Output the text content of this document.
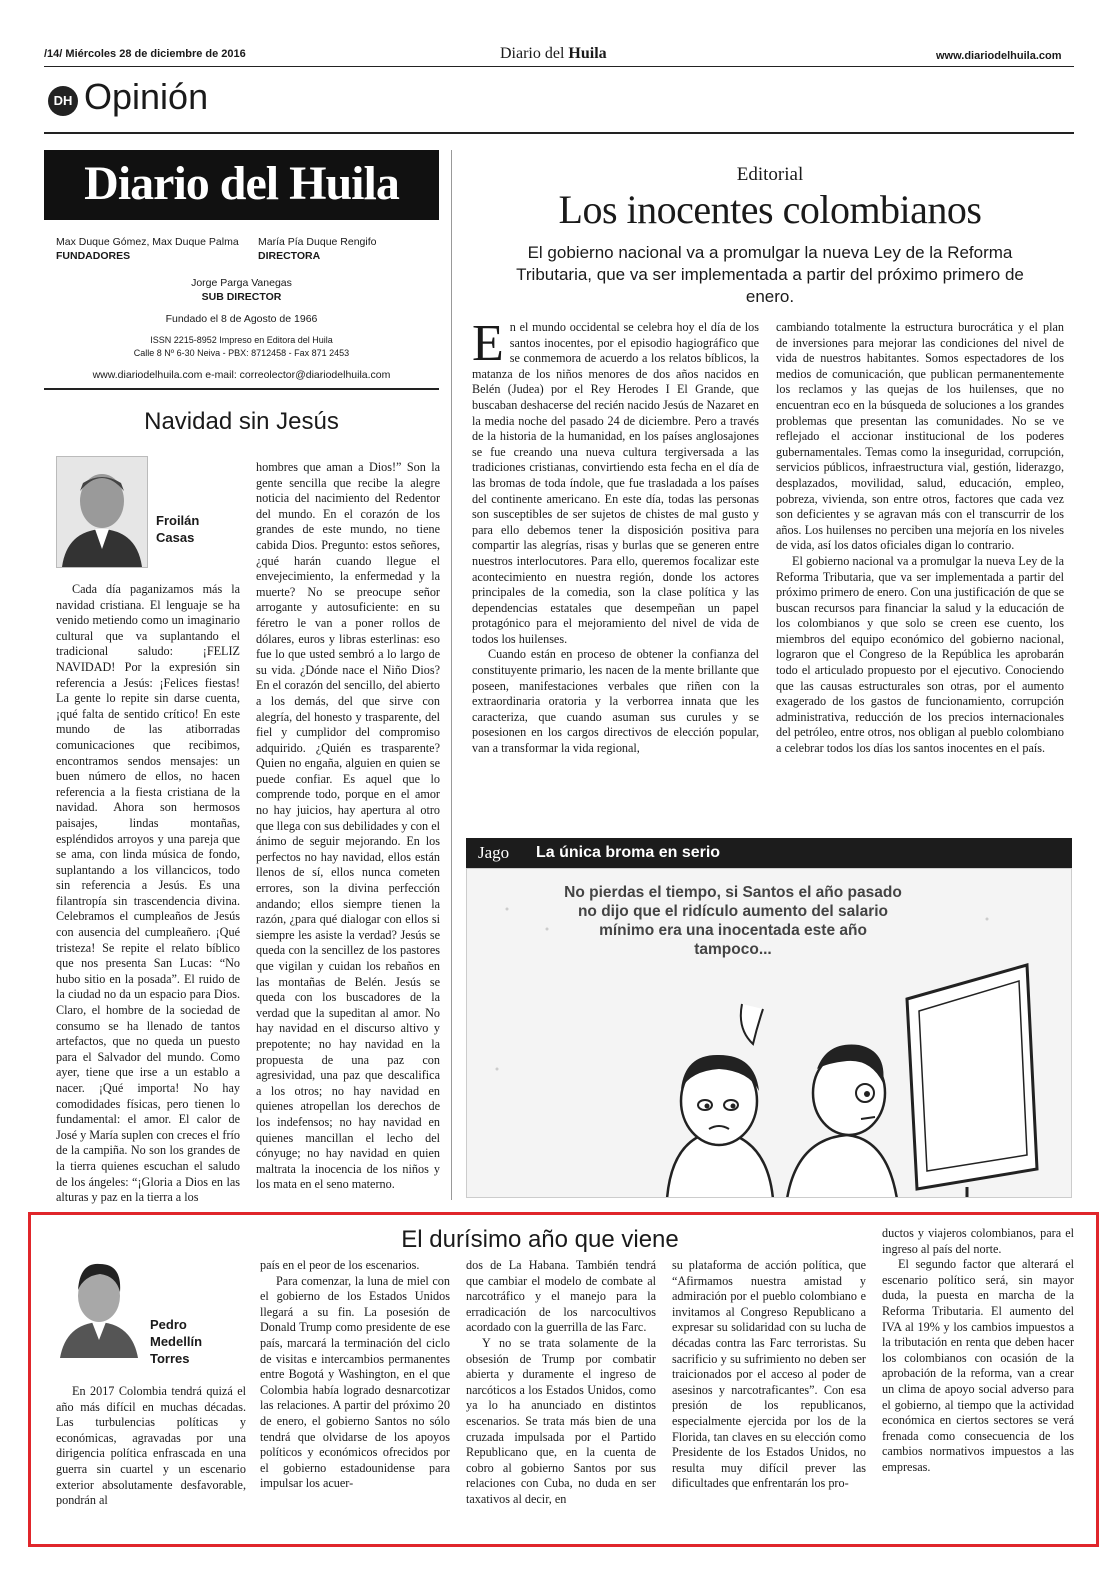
/14/ Miércoles 28 de diciembre de 2016	Diario del Huila	www.diariodelhuila.com
DH Opinión
Diario del Huila
Max Duque Gómez, Max Duque Palma
FUNDADORES
María Pía Duque Rengifo
DIRECTORA
Jorge Parga Vanegas
SUB DIRECTOR
Fundado el 8 de Agosto de 1966
ISSN 2215-8952 Impreso en Editora del Huila
Calle 8 Nº 6-30 Neiva - PBX: 8712458 - Fax 871 2453
www.diariodelhuila.com e-mail: correolector@diariodelhuila.com
Navidad sin Jesús
Froilán
Casas

Cada día paganizamos más la navidad cristiana. El lenguaje se ha venido metiendo como un imaginario cultural que va suplantando el tradicional saludo: ¡FELIZ NAVIDAD! Por la expresión sin referencia a Jesús: ¡Felices fiestas! La gente lo repite sin darse cuenta, ¡qué falta de sentido crítico! En este mundo de las atiborradas comunicaciones que recibimos, encontramos sendos mensajes: un buen número de ellos, no hacen referencia a la fiesta cristiana de la navidad. Ahora son hermosos paisajes, lindas montañas, espléndidos arroyos y una pareja que se ama, con linda música de fondo, suplantando a los villancicos, todo sin referencia a Jesús. Es una filantropía sin trascendencia divina. Celebramos el cumpleaños de Jesús con ausencia del cumpleañero. ¡Qué tristeza! Se repite el relato bíblico que nos presenta San Lucas: “No hubo sitio en la posada”. El ruido de la ciudad no da un espacio para Dios. Claro, el hombre de la sociedad de consumo se ha llenado de tantos artefactos, que no queda un puesto para el Salvador del mundo. Como ayer, tiene que irse a un establo a nacer. ¡Qué importa! No hay comodidades físicas, pero tienen lo fundamental: el amor. El calor de José y María suplen con creces el frío de la campiña. No son los grandes de la tierra quienes escuchan el saludo de los ángeles: “¡Gloria a Dios en las alturas y paz en la tierra a los

hombres que aman a Dios!” Son la gente sencilla que recibe la alegre noticia del nacimiento del Redentor del mundo. En el corazón de los grandes de este mundo, no tiene cabida Dios. Pregunto: estos señores, ¿qué harán cuando llegue el envejecimiento, la enfermedad y la muerte? No se preocupe señor arrogante y autosuficiente: en su féretro le van a poner rollos de dólares, euros y libras esterlinas: eso fue lo que usted sembró a lo largo de su vida. ¿Dónde nace el Niño Dios? En el corazón del sencillo, del abierto a los demás, del que sirve con alegría, del honesto y trasparente, del fiel y cumplidor del compromiso adquirido. ¿Quién es trasparente? Quien no engaña, alguien en quien se puede confiar. Es aquel que lo comprende todo, porque en el amor no hay juicios, hay apertura al otro que llega con sus debilidades y con el ánimo de seguir mejorando. En los perfectos no hay navidad, ellos están llenos de sí, ellos nunca cometen errores, son la divina perfección andando; ellos siempre tienen la razón, ¿para qué dialogar con ellos si siempre les asiste la verdad? Jesús se queda con la sencillez de los pastores que vigilan y cuidan los rebaños en las montañas de Belén. Jesús se queda con los buscadores de la verdad que la supeditan al amor. No hay navidad en el discurso altivo y prepotente; no hay navidad en la propuesta de una paz con agresividad, una paz que descalifica a los otros; no hay navidad en quienes atropellan los derechos de los indefensos; no hay navidad en quienes mancillan el lecho del cónyuge; no hay navidad en quien maltrata la inocencia de los niños y los mata en el seno materno.

Editorial
Los inocentes colombianos
El gobierno nacional va a promulgar la nueva Ley de la Reforma Tributaria, que va ser implementada a partir del próximo primero de enero.

En el mundo occidental se celebra hoy el día de los santos inocentes, por el episodio hagiográfico que se conmemora de acuerdo a los relatos bíblicos, la matanza de los niños menores de dos años nacidos en Belén (Judea) por el Rey Herodes I El Grande, que buscaban deshacerse del recién nacido Jesús de Nazaret en la media noche del pasado 24 de diciembre. Pero a través de la historia de la humanidad, en los países anglosajones se fue creando una nueva cultura tergiversada a las tradiciones cristianas, convirtiendo esta fecha en el día de las bromas de toda índole, que fue trasladada a los países del continente americano. En este día, todas las personas son susceptibles de ser sujetos de chistes de mal gusto y para ello debemos tener la disposición positiva para compartir las alegrías, risas y burlas que se generen entre nuestros interlocutores. Para ello, queremos focalizar este acontecimiento en nuestra región, donde los actores principales de la comedia, son la clase política y las dependencias estatales que desempeñan un papel protagónico para el mejoramiento del nivel de vida de todos los huilenses.

Cuando están en proceso de obtener la confianza del constituyente primario, les nacen de la mente brillante que poseen, manifestaciones verbales que riñen con la extraordinaria oratoria y la verborrea innata que les caracteriza, que cuando asuman sus curules y se posesionen en los cargos directivos de elección popular, van a transformar la vida regional,

cambiando totalmente la estructura burocrática y el plan de inversiones para mejorar las condiciones del nivel de vida de nuestros habitantes. Somos espectadores de los medios de comunicación, que publican permanentemente los reclamos y las quejas de los huilenses, que no encuentran eco en la búsqueda de soluciones a los grandes problemas que presentan las comunidades. No se ve reflejado el accionar institucional de los poderes gubernamentales. Temas como la inseguridad, corrupción, servicios públicos, infraestructura vial, gestión, liderazgo, desplazados, movilidad, salud, educación, empleo, pobreza, vivienda, son entre otros, factores que cada vez son deficientes y se agravan más con el transcurrir de los años. Los huilenses no perciben una mejoría en los niveles de vida, así los datos oficiales digan lo contrario.

El gobierno nacional va a promulgar la nueva Ley de la Reforma Tributaria, que va ser implementada a partir del próximo primero de enero. Con una justificación de que se buscan recursos para financiar la salud y la educación de los colombianos y que solo se creen ese cuento, los miembros del equipo económico del gobierno nacional, lograron que el Congreso de la República les aprobarán todo el articulado propuesto por el ejecutivo. Conociendo que las causas estructurales son otras, por el aumento exagerado de los gastos de funcionamiento, corrupción administrativa, reducción de los precios internacionales del petróleo, entre otros, nos obligan al pueblo colombiano a celebrar todos los días los santos inocentes en el país.

Jago La única broma en serio
No pierdas el tiempo, si Santos el año pasado no dijo que el ridículo aumento del salario mínimo era una inocentada este año tampoco...
El durísimo año que viene
Pedro
Medellín
Torres

En 2017 Colombia tendrá quizá el año más difícil en muchas décadas. Las turbulencias políticas y económicas, agravadas por una dirigencia política enfrascada en una guerra sin cuartel y un escenario exterior absolutamente desfavorable, pondrán al

país en el peor de los escenarios.

Para comenzar, la luna de miel con el gobierno de los Estados Unidos llegará a su fin. La posesión de Donald Trump como presidente de ese país, marcará la terminación del ciclo de visitas e intercambios permanentes entre Bogotá y Washington, en el que Colombia había logrado desnarcotizar las relaciones. A partir del próximo 20 de enero, el gobierno Santos no sólo tendrá que olvidarse de los apoyos políticos y económicos ofrecidos por el gobierno estadounidense para impulsar los acuer-

dos de La Habana. También tendrá que cambiar el modelo de combate al narcotráfico y el manejo para la erradicación de los narcocultivos acordado con la guerrilla de las Farc.

Y no se trata solamente de la obsesión de Trump por combatir abierta y duramente el ingreso de narcóticos a los Estados Unidos, como ya lo ha anunciado en distintos escenarios. Se trata más bien de una cruzada impulsada por el Partido Republicano que, en la cuenta de cobro al gobierno Santos por sus relaciones con Cuba, no duda en ser taxativos al decir, en

su plataforma de acción política, que “Afirmamos nuestra amistad y admiración por el pueblo colombiano e invitamos al Congreso Republicano a expresar su solidaridad con su lucha de décadas contra las Farc terroristas. Su sacrificio y su sufrimiento no deben ser traicionados por el acceso al poder de asesinos y narcotraficantes”. Con esa presión de los republicanos, especialmente ejercida por los de la Florida, tan claves en su elección como Presidente de los Estados Unidos, no resulta muy difícil prever las dificultades que enfrentarán los pro-

ductos y viajeros colombianos, para el ingreso al país del norte.

El segundo factor que alterará el escenario político será, sin mayor duda, la puesta en marcha de la Reforma Tributaria. El aumento del IVA al 19% y los cambios impuestos a la tributación en renta que deben hacer los colombianos con ocasión de la aprobación de la reforma, van a crear un clima de apoyo social adverso para el gobierno, al tiempo que la actividad económica en ciertos sectores se verá frenada como consecuencia de los cambios normativos impuestos a las empresas.
